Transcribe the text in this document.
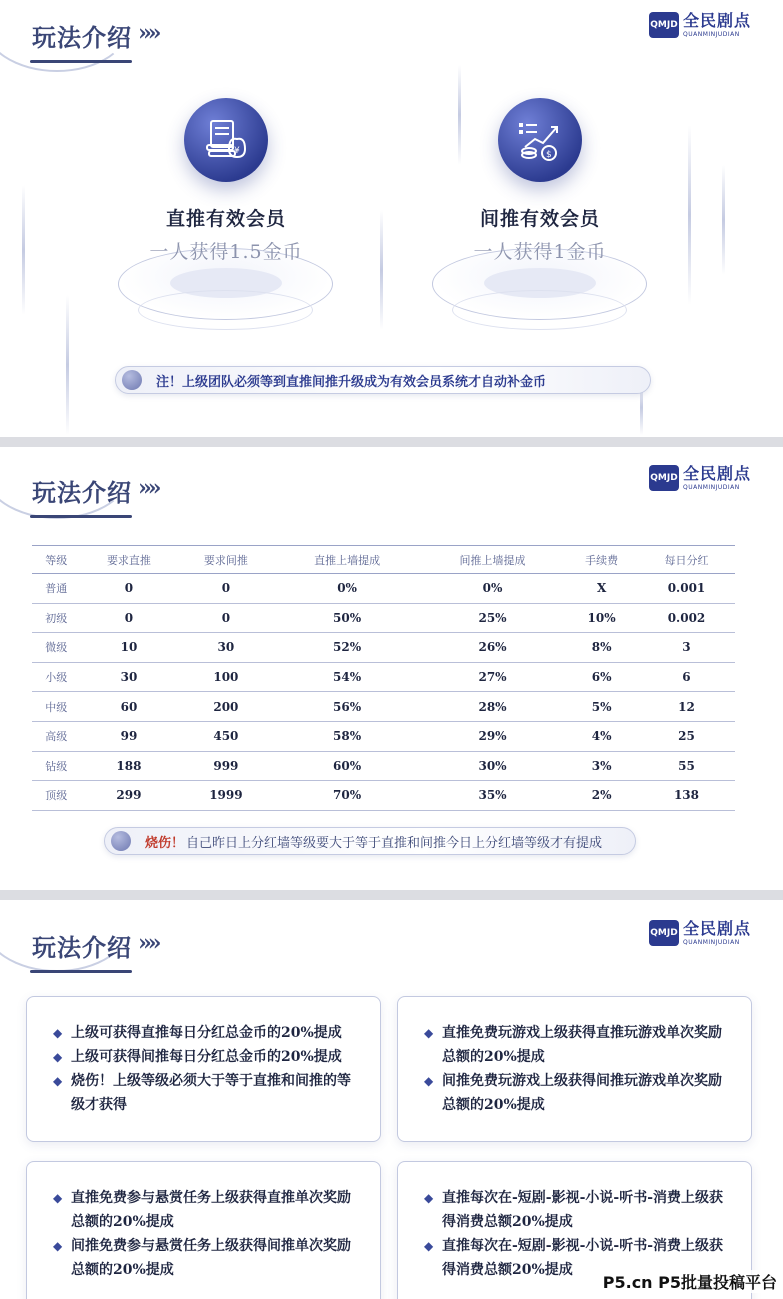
玩法介绍 »»	QMJD 全民剧点
QUANMINJUDIAN
¥
直推有效会员
一人获得1.5金币
$
间推有效会员
一人获得1金币
注！上级团队必须等到直推间推升级成为有效会员系统才自动补金币
玩法介绍 »»	QMJD 全民剧点
QUANMINJUDIAN
等级	要求直推	要求间推	直推上墙提成	间推上墙提成	手续费	每日分红
普通	0	0	0%	0%	X	0.001
初级	0	0	50%	25%	10%	0.002
微级	10	30	52%	26%	8%	3
小级	30	100	54%	27%	6%	6
中级	60	200	56%	28%	5%	12
高级	99	450	58%	29%	4%	25
钻级	188	999	60%	30%	3%	55
顶级	299	1999	70%	35%	2%	138
烧伤！ 自己昨日上分红墙等级要大于等于直推和间推今日上分红墙等级才有提成
玩法介绍 »»	QMJD 全民剧点
QUANMINJUDIAN
◆ 上级可获得直推每日分红总金币的20%提成
◆ 上级可获得间推每日分红总金币的20%提成
◆ 烧伤！上级等级必须大于等于直推和间推的等级才获得
◆ 直推免费玩游戏上级获得直推玩游戏单次奖励总额的20%提成
◆ 间推免费玩游戏上级获得间推玩游戏单次奖励总额的20%提成
◆ 直推免费参与悬赏任务上级获得直推单次奖励总额的20%提成
◆ 间推免费参与悬赏任务上级获得间推单次奖励总额的20%提成
◆ 直推每次在-短剧-影视-小说-听书-消费上级获得消费总额20%提成
◆ 直推每次在-短剧-影视-小说-听书-消费上级获得消费总额20%提成
P5.cn P5批量投稿平台
